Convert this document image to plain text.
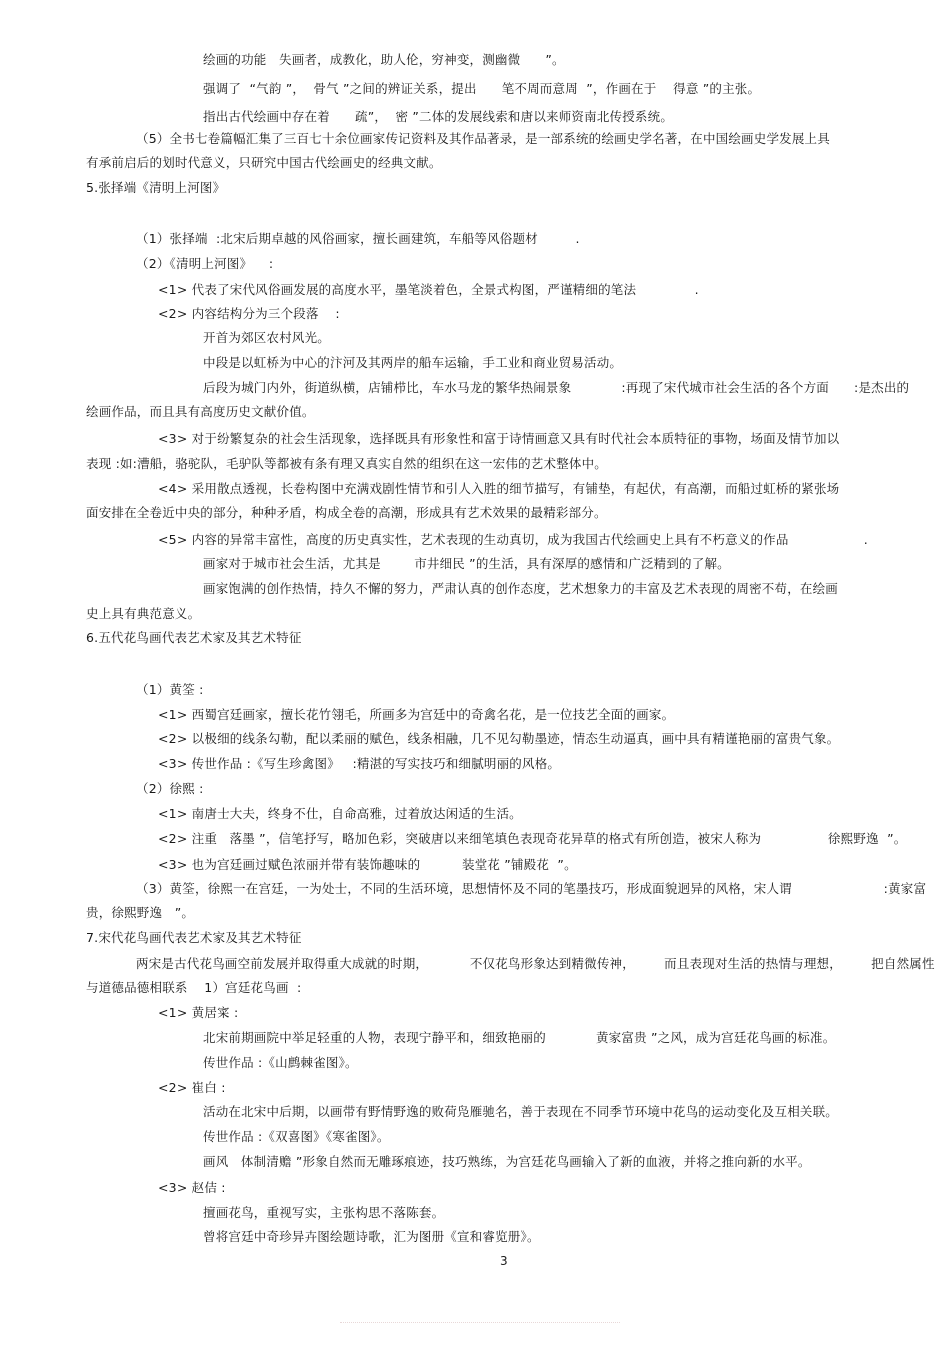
绘画的功能   失画者，成教化，助人伦，穷神变，测幽微      ”。
强调了  “气韵 ”，  骨气 ”之间的辨证关系，提出      笔不周而意周  ”，作画在于    得意 ”的主张。
指出古代绘画中存在着      疏”，  密 ”二体的发展线索和唐以来师资南北传授系统。
（5）全书七卷篇幅汇集了三百七十余位画家传记资料及其作品著录，是一部系统的绘画史学名著，在中国绘画史学发展上具
有承前启后的划时代意义，只研究中国古代绘画史的经典文献。
5.张择端《清明上河图》
（1）张择端  :北宋后期卓越的风俗画家，擅长画建筑，车船等风俗题材         .
（2）《清明上河图》    :
<1> 代表了宋代风俗画发展的高度水平，墨笔淡着色，全景式构图，严谨精细的笔法              .
<2> 内容结构分为三个段落    :
开首为郊区农村风光。
中段是以虹桥为中心的汴河及其两岸的船车运输，手工业和商业贸易活动。
后段为城门内外，街道纵横，店铺栉比，车水马龙的繁华热闹景象            :再现了宋代城市社会生活的各个方面      :是杰出的
绘画作品，而且具有高度历史文献价值。
<3> 对于纷繁复杂的社会生活现象，选择既具有形象性和富于诗情画意又具有时代社会本质特征的事物，场面及情节加以
表现 :如:漕船，骆驼队，毛驴队等都被有条有理又真实自然的组织在这一宏伟的艺术整体中。
<4> 采用散点透视，长卷构图中充满戏剧性情节和引人入胜的细节描写，有铺垫，有起伏，有高潮，而船过虹桥的紧张场
面安排在全卷近中央的部分，种种矛盾，构成全卷的高潮，形成具有艺术效果的最精彩部分。
<5> 内容的异常丰富性，高度的历史真实性，艺术表现的生动真切，成为我国古代绘画史上具有不朽意义的作品                  .
画家对于城市社会生活，尤其是        市井细民 ”的生活，具有深厚的感情和广泛精到的了解。
画家饱满的创作热情，持久不懈的努力，严肃认真的创作态度，艺术想象力的丰富及艺术表现的周密不苟，在绘画
史上具有典范意义。
6.五代花鸟画代表艺术家及其艺术特征
（1）黄筌 :
<1> 西蜀宫廷画家，擅长花竹翎毛，所画多为宫廷中的奇禽名花，是一位技艺全面的画家。
<2> 以极细的线条勾勒，配以柔丽的赋色，线条相融，几不见勾勒墨迹，情态生动逼真，画中具有精谨艳丽的富贵气象。
<3> 传世作品 :《写生珍禽图》   :精湛的写实技巧和细腻明丽的风格。
（2）徐熙 :
<1> 南唐士大夫，终身不仕，自命高雅，过着放达闲适的生活。
<2> 注重   落墨 ”，信笔抒写，略加色彩，突破唐以来细笔填色表现奇花异草的格式有所创造，被宋人称为                徐熙野逸  ”。
<3> 也为宫廷画过赋色浓丽并带有装饰趣味的          装堂花 ”铺殿花  ”。
（3）黄筌，徐熙一在宫廷，一为处士，不同的生活环境，思想情怀及不同的笔墨技巧，形成面貌迥异的风格，宋人谓                      :黄家富
贵，徐熙野逸   ”。
7.宋代花鸟画代表艺术家及其艺术特征
两宋是古代花鸟画空前发展并取得重大成就的时期，          不仅花鸟形象达到精微传神，       而且表现对生活的热情与理想，       把自然属性
与道德品德相联系    1）宫廷花鸟画  :
<1> 黄居寀 :
北宋前期画院中举足轻重的人物，表现宁静平和，细致艳丽的            黄家富贵 ”之风，成为宫廷花鸟画的标准。
传世作品 :《山鹧棘雀图》。
<2> 崔白 :
活动在北宋中后期，以画带有野情野逸的败荷凫雁驰名，善于表现在不同季节环境中花鸟的运动变化及互相关联。
传世作品 :《双喜图》《寒雀图》。
画风   体制清赡 ”形象自然而无雕琢痕迹，技巧熟练，为宫廷花鸟画输入了新的血液，并将之推向新的水平。
<3> 赵佶 :
擅画花鸟，重视写实，主张构思不落陈套。
曾将宫廷中奇珍异卉图绘题诗歌，汇为图册《宣和睿览册》。
3
